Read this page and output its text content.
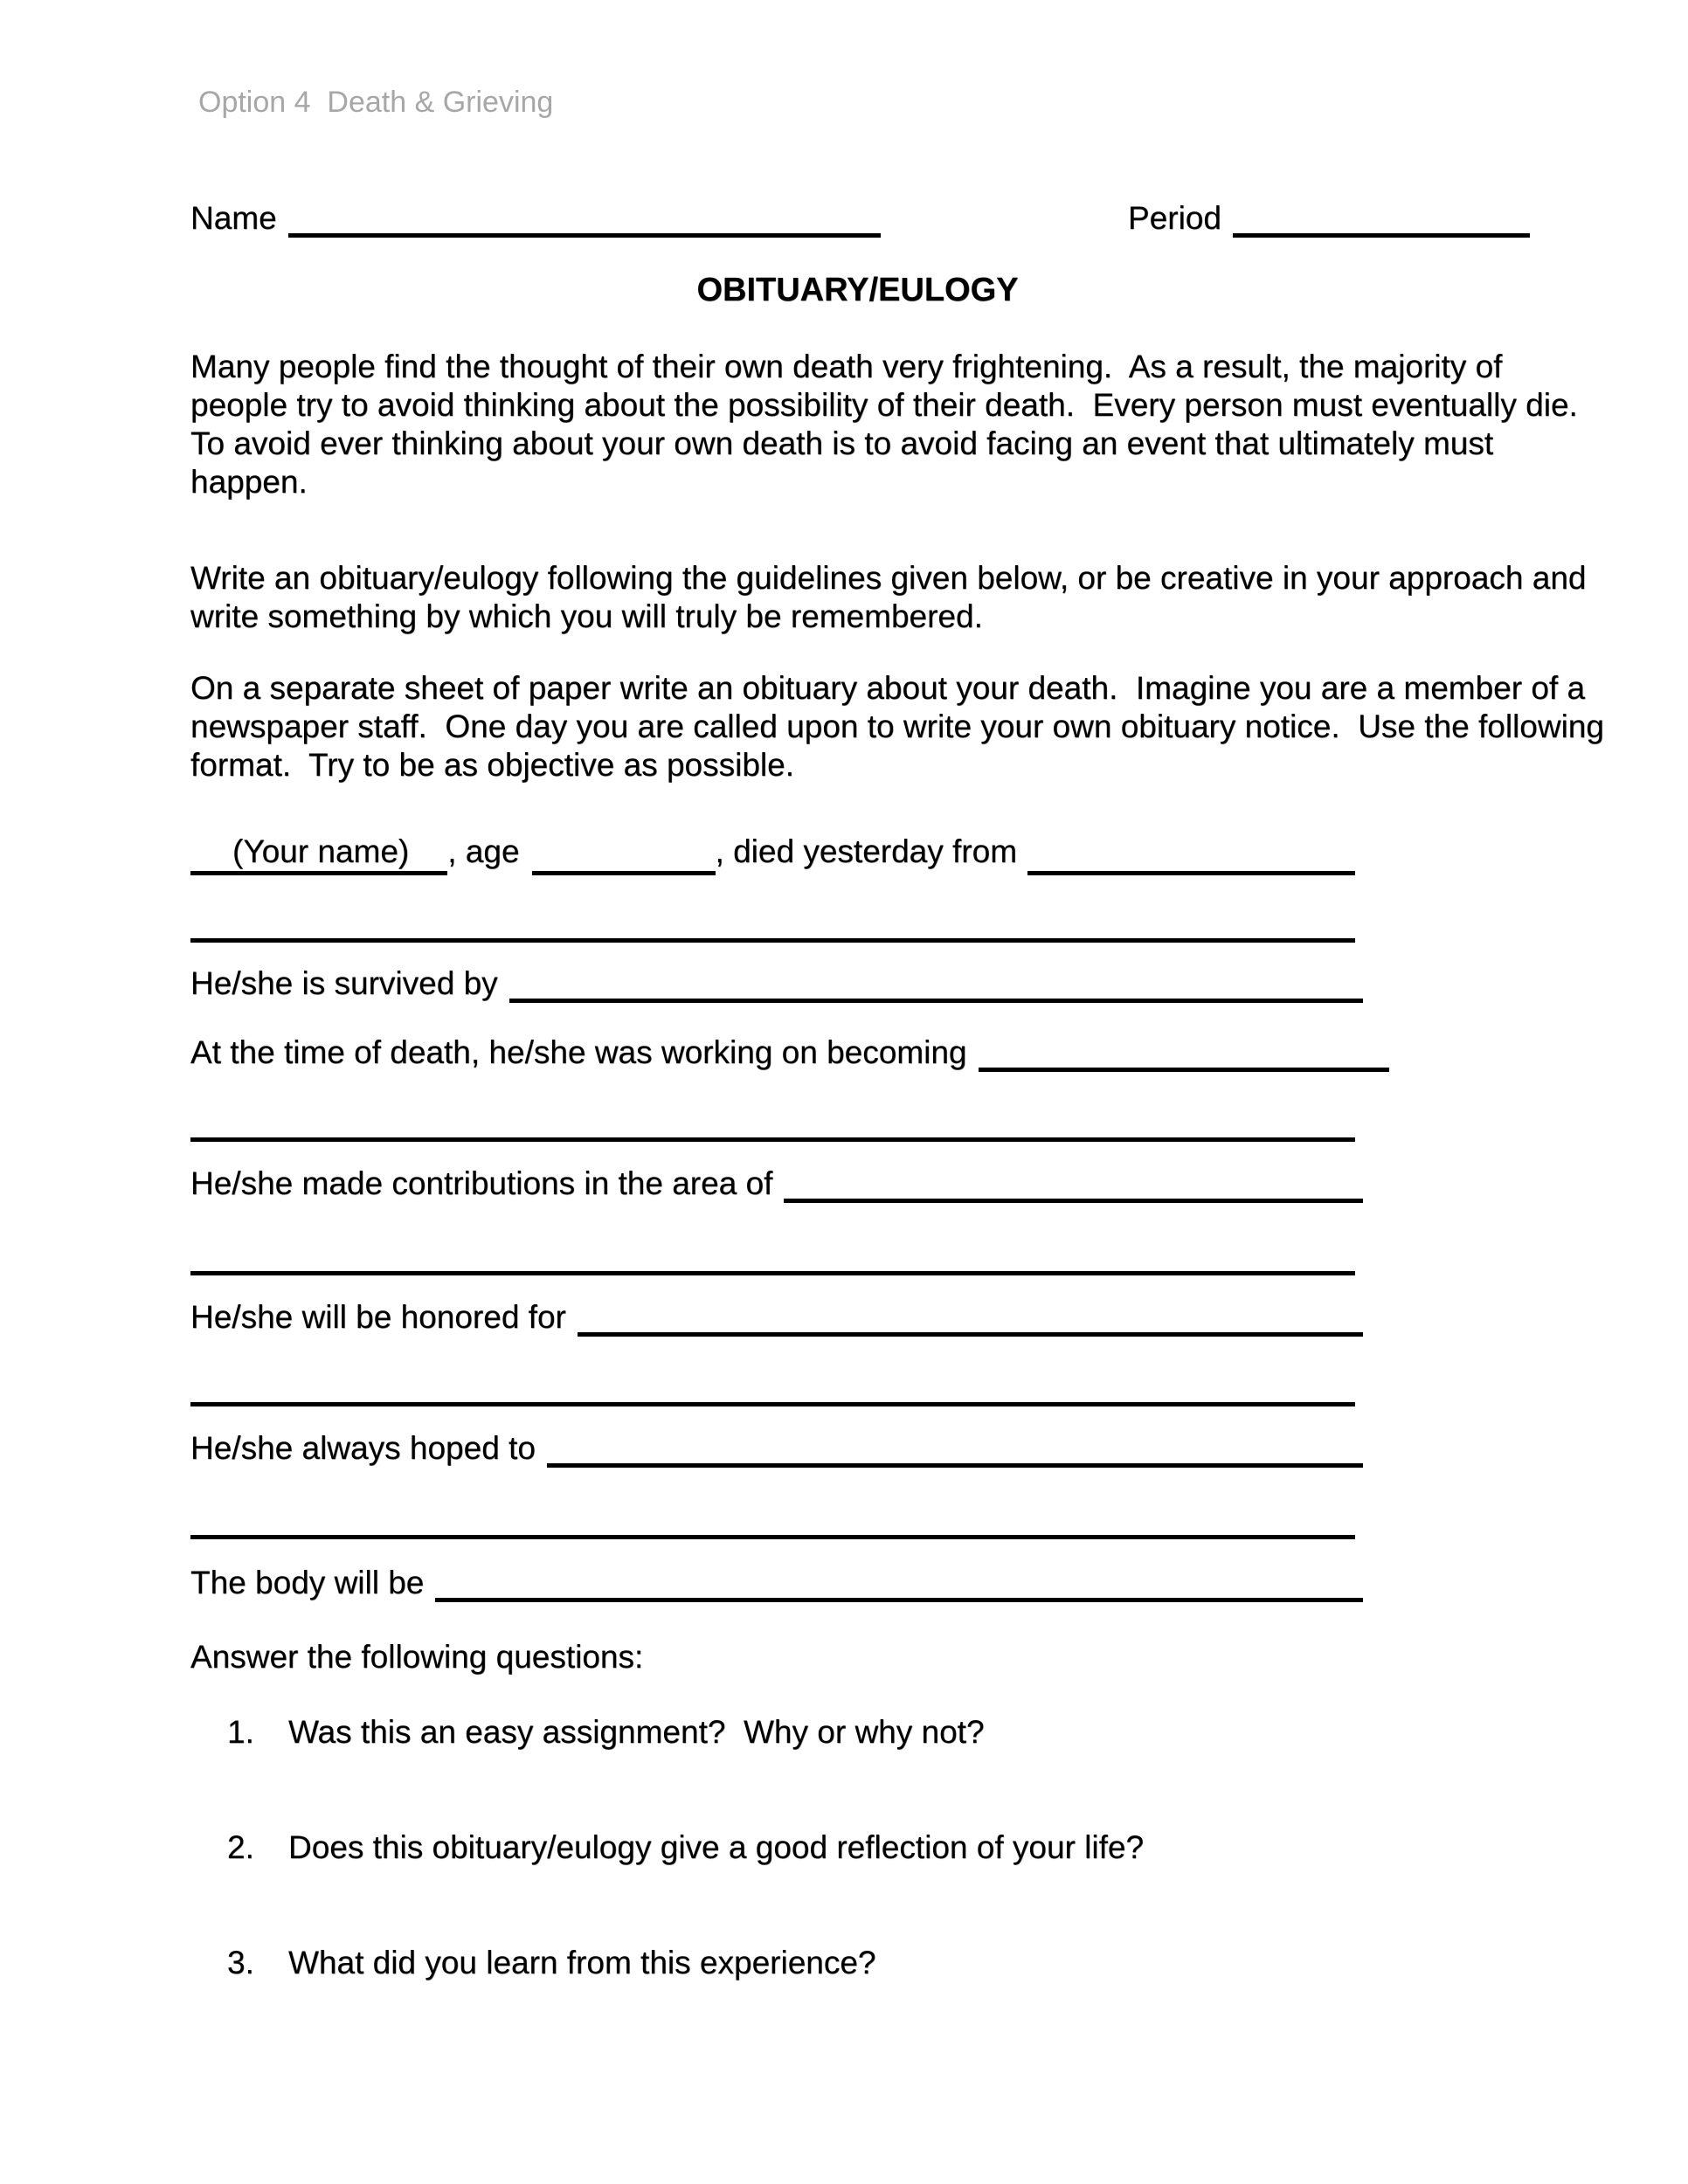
Option 4  Death & Grieving
Name	Period
OBITUARY/EULOGY
Many people find the thought of their own death very frightening.  As a result, the majority of
people try to avoid thinking about the possibility of their death.  Every person must eventually die.
To avoid ever thinking about your own death is to avoid facing an event that ultimately must
happen.
Write an obituary/eulogy following the guidelines given below, or be creative in your approach and
write something by which you will truly be remembered.
On a separate sheet of paper write an obituary about your death.  Imagine you are a member of a
newspaper staff.  One day you are called upon to write your own obituary notice.  Use the following
format.  Try to be as objective as possible.
(Your name)	, age	, died yesterday from
He/she is survived by
At the time of death, he/she was working on becoming
He/she made contributions in the area of
He/she will be honored for
He/she always hoped to
The body will be
Answer the following questions:
1.	Was this an easy assignment?  Why or why not?
2.	Does this obituary/eulogy give a good reflection of your life?
3.	What did you learn from this experience?
